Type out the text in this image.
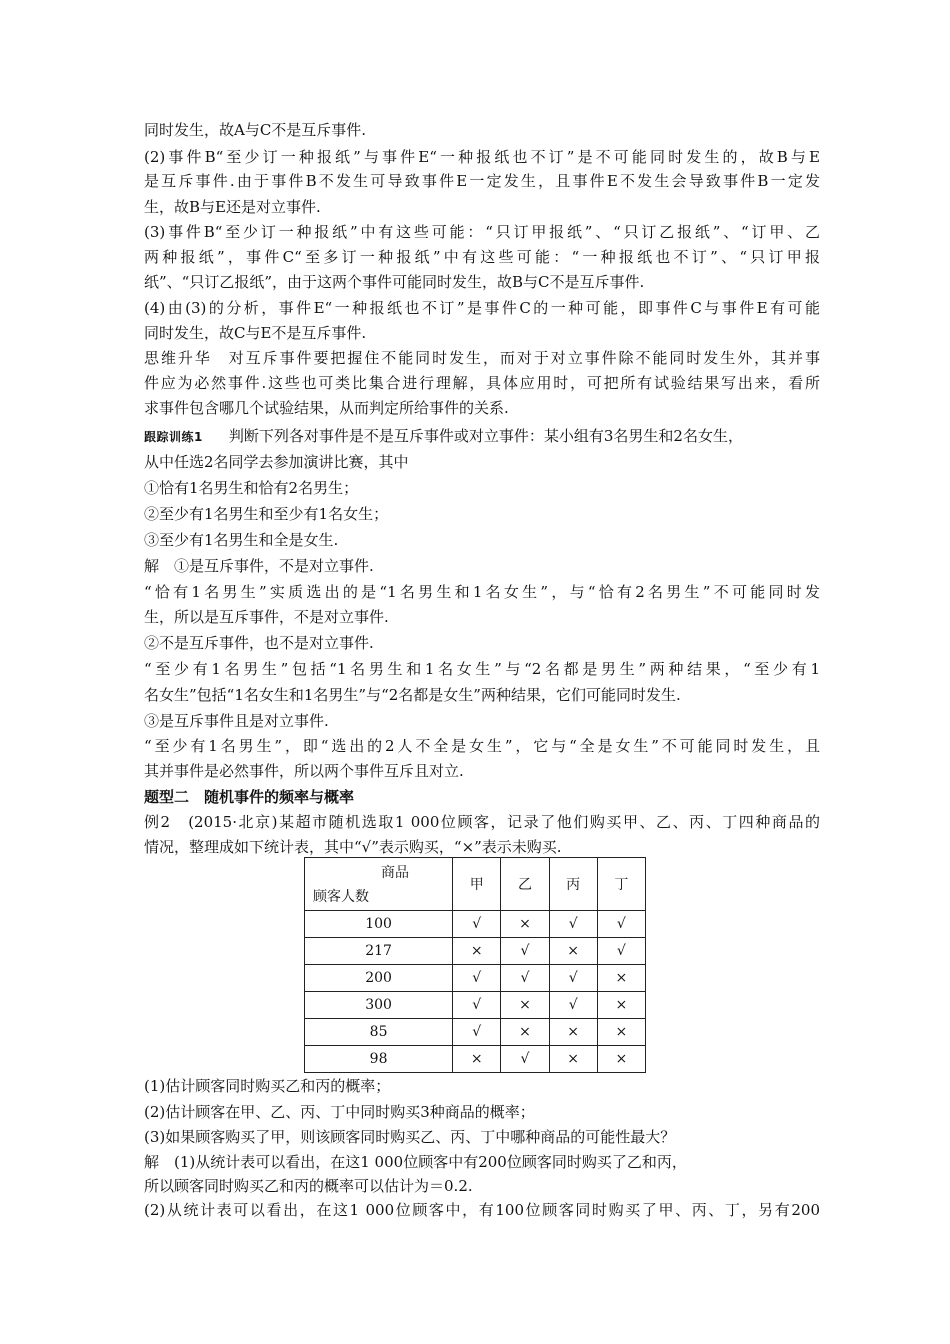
同时发生，故A与C不是互斥事件.
(2)事件B“至少订一种报纸”与事件E“一种报纸也不订”是不可能同时发生的，故B与E
是互斥事件.由于事件B不发生可导致事件E一定发生，且事件E不发生会导致事件B一定发
生，故B与E还是对立事件.
(3)事件B“至少订一种报纸”中有这些可能：“只订甲报纸”、“只订乙报纸”、“订甲、乙
两种报纸”，事件C“至多订一种报纸”中有这些可能：“一种报纸也不订”、“只订甲报
纸”、“只订乙报纸”，由于这两个事件可能同时发生，故B与C不是互斥事件.
(4)由(3)的分析，事件E“一种报纸也不订”是事件C的一种可能，即事件C与事件E有可能
同时发生，故C与E不是互斥事件.
思维升华　对互斥事件要把握住不能同时发生，而对于对立事件除不能同时发生外，其并事
件应为必然事件.这些也可类比集合进行理解，具体应用时，可把所有试验结果写出来，看所
求事件包含哪几个试验结果，从而判定所给事件的关系.
跟踪训练1 判断下列各对事件是不是互斥事件或对立事件：某小组有3名男生和2名女生，
从中任选2名同学去参加演讲比赛，其中
①恰有1名男生和恰有2名男生；
②至少有1名男生和至少有1名女生；
③至少有1名男生和全是女生.
解　①是互斥事件，不是对立事件.
“恰有1名男生”实质选出的是“1名男生和1名女生”，与“恰有2名男生”不可能同时发
生，所以是互斥事件，不是对立事件.
②不是互斥事件，也不是对立事件.
“至少有1名男生”包括“1名男生和1名女生”与“2名都是男生”两种结果，“至少有1
名女生”包括“1名女生和1名男生”与“2名都是女生”两种结果，它们可能同时发生.
③是互斥事件且是对立事件.
“至少有1名男生”，即“选出的2人不全是女生”，它与“全是女生”不可能同时发生，且
其并事件是必然事件，所以两个事件互斥且对立.
题型二　随机事件的频率与概率
例2　(2015·北京)某超市随机选取1 000位顾客，记录了他们购买甲、乙、丙、丁四种商品的
情况，整理成如下统计表，其中“√”表示购买，“×”表示未购买.
商品
顾客人数	甲	乙	丙	丁
100	√	×	√	√
217	×	√	×	√
200	√	√	√	×
300	√	×	√	×
85	√	×	×	×
98	×	√	×	×
(1)估计顾客同时购买乙和丙的概率；
(2)估计顾客在甲、乙、丙、丁中同时购买3种商品的概率；
(3)如果顾客购买了甲，则该顾客同时购买乙、丙、丁中哪种商品的可能性最大？
解　(1)从统计表可以看出，在这1 000位顾客中有200位顾客同时购买了乙和丙，
所以顾客同时购买乙和丙的概率可以估计为＝0.2.
(2)从统计表可以看出，在这1 000位顾客中，有100位顾客同时购买了甲、丙、丁，另有200
